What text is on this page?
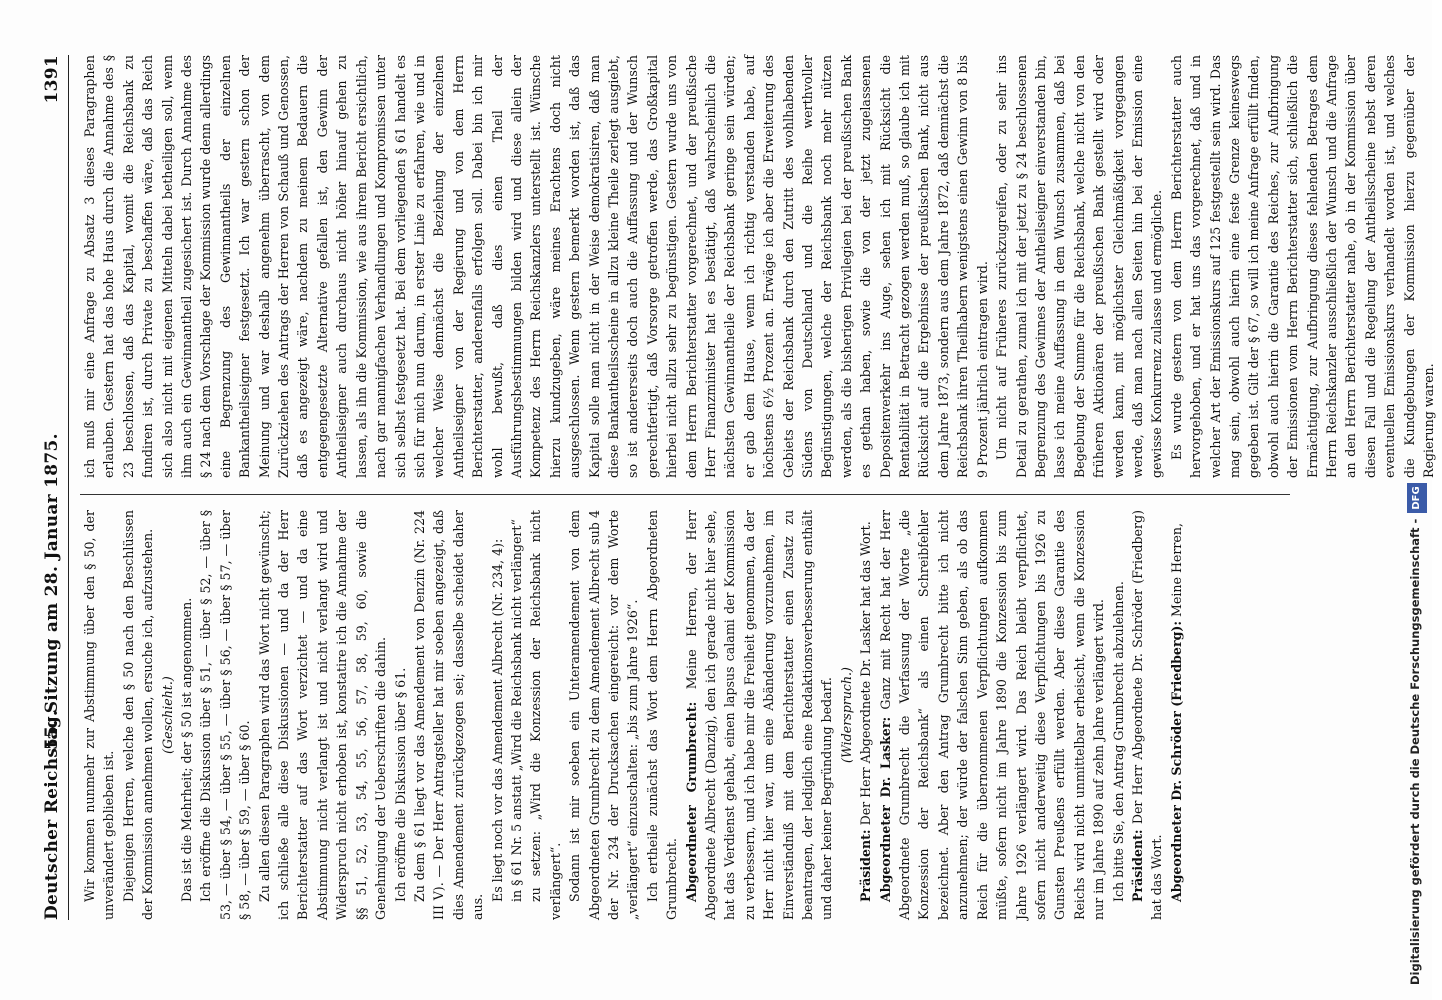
Deutscher Reichstag.
55. Sitzung am 28. Januar 1875.
1391

Wir kommen nunmehr zur Abstimmung über den § 50, der unverändert geblieben ist. Diejenigen Herren, welche den § 50 nach den Beschlüssen der Kommission annehmen wollen, ersuche ich, aufzustehen. (Geschieht.) Das ist die Mehrheit; der § 50 ist angenommen. Ich eröffne die Diskussion über § 51, — über § 52, — über § 53, — über § 54, — über § 55, — über § 56, — über § 57, — über § 58, — über § 59, — über § 60. Zu allen diesen Paragraphen wird das Wort nicht gewünscht; ich schließe alle diese Diskussionen — und da der Herr Berichterstatter auf das Wort verzichtet — und da eine Abstimmung nicht verlangt ist und nicht verlangt wird und Widerspruch nicht erhoben ist, konstatire ich die Annahme der §§ 51, 52, 53, 54, 55, 56, 57, 58, 59, 60, sowie die Genehmigung der Ueberschriften die dahin. Ich eröffne die Diskussion über § 61. Zu dem § 61 liegt vor das Amendement von Denzin (Nr. 224 III V). — Der Herr Antragsteller hat mir soeben angezeigt, daß dies Amendement zurückgezogen sei; dasselbe scheidet daher aus.

Es liegt noch vor das Amendement Albrecht (Nr. 234, 4): in § 61 Nr. 5 anstatt „Wird die Reichsbank nicht verlängert“ zu setzen: „Wird die Konzession der Reichsbank nicht verlängert“. Sodann ist mir soeben ein Unteramendement von dem Abgeordneten Grumbrecht zu dem Amendement Albrecht sub 4 der Nr. 234 der Drucksachen eingereicht: vor dem Worte „verlängert“ einzuschalten: „bis zum Jahre 1926“. Ich ertheile zunächst das Wort dem Herrn Abgeordneten Grumbrecht. Abgeordneter Grumbrecht: Meine Herren, der Herr Abgeordnete Albrecht (Danzig), den ich gerade nicht hier sehe, hat das Verdienst gehabt, einen lapsus calami der Kommission zu verbessern, und ich habe mir die Freiheit genommen, da der Herr nicht hier war, um eine Abänderung vorzunehmen, im Einverständniß mit dem Berichterstatter einen Zusatz zu beantragen, der lediglich eine Redaktionsverbesserung enthält und daher keiner Begründung bedarf. (Widerspruch.)

Präsident: Der Herr Abgeordnete Dr. Lasker hat das Wort. Abgeordneter Dr. Lasker: Ganz mit Recht hat der Herr Abgeordnete Grumbrecht die Verfassung der Worte „die Konzession der Reichsbank“ als einen Schreibfehler bezeichnet. Aber den Antrag Grumbrecht bitte ich nicht anzunehmen; der würde der falschen Sinn geben, als ob das Reich für die übernommenen Verpflichtungen aufkommen müßte, sofern nicht im Jahre 1890 die Konzession bis zum Jahre 1926 verlängert wird. Das Reich bleibt verpflichtet, sofern nicht anderweitig diese Verpflichtungen bis 1926 zu Gunsten Preußens erfüllt werden. Aber diese Garantie des Reichs wird nicht unmittelbar erheischt, wenn die Konzession nur im Jahre 1890 auf zehn Jahre verlängert wird. Ich bitte Sie, den Antrag Grumbrecht abzulehnen. Präsident: Der Herr Abgeordnete Dr. Schröder (Friedberg) hat das Wort. Abgeordneter Dr. Schröder (Friedberg): Meine Herren,

ich muß mir eine Anfrage zu Absatz 3 dieses Paragraphen erlauben. Gestern hat das hohe Haus durch die Annahme des § 23 beschlossen, daß das Kapital, womit die Reichsbank zu fundiren ist, durch Private zu beschaffen wäre, daß das Reich sich also nicht mit eigenen Mitteln dabei betheiligen soll, wenn ihm auch ein Gewinnantheil zugesichert ist. Durch Annahme des § 24 nach dem Vorschlage der Kommission wurde denn allerdings eine Begrenzung des Gewinnantheils der einzelnen Bankantheilseigner festgesetzt. Ich war gestern schon der Meinung und war deshalb angenehm überrascht, von dem Zurückziehen des Antrags der Herren von Schauß und Genossen, daß es angezeigt wäre, nachdem zu meinem Bedauern die entgegengesetzte Alternative gefallen ist, den Gewinn der Antheilseigner auch durchaus nicht höher hinauf gehen zu lassen, als ihn die Kommission, wie aus ihrem Bericht ersichtlich, nach gar mannigfachen Verhandlungen und Kompromissen unter sich selbst festgesetzt hat. Bei dem vorliegenden § 61 handelt es sich für mich nun darum, in erster Linie zu erfahren, wie und in welcher Weise demnächst die Beziehung der einzelnen Antheilseigner von der Regierung und von dem Herrn Berichterstatter, anderenfalls erfolgen soll. Dabei bin ich mir wohl bewußt, daß dies einen Theil der Ausführungsbestimmungen bilden wird und diese allein der Kompetenz des Herrn Reichskanzlers unterstellt ist. Wünsche hierzu kundzugeben, wäre meines Erachtens doch nicht ausgeschlossen. Wenn gestern bemerkt worden ist, daß das Kapital solle man nicht in der Weise demokratisiren, daß man diese Bankantheilsscheine in allzu kleine Theile zerlegt ausgiebt, so ist andererseits doch auch die Auffassung und der Wunsch gerechtfertigt, daß Vorsorge getroffen werde, das Großkapital hierbei nicht allzu sehr zu begünstigen. Gestern wurde uns von dem Herrn Berichterstatter vorgerechnet, und der preußische Herr Finanzminister hat es bestätigt, daß wahrscheinlich die nächsten Gewinnantheile der Reichsbank geringe sein würden; er gab dem Hause, wenn ich richtig verstanden habe, auf höchstens 6½ Prozent an. Erwäge ich aber die Erweiterung des Gebiets der Reichsbank durch den Zutritt des wohlhabenden Südens von Deutschland und die Reihe werthvoller Begünstigungen, welche der Reichsbank noch mehr nützen werden, als die bisherigen Privilegien bei der preußischen Bank es gethan haben, sowie die von der jetzt zugelassenen Depositenverkehr ins Auge, sehen ich mit Rücksicht die Rentabilität in Betracht gezogen werden muß, so glaube ich mit Rücksicht auf die Ergebnisse der preußischen Bank, nicht aus dem Jahre 1873, sondern aus dem Jahre 1872, daß demnächst die Reichsbank ihren Theilhabern wenigstens einen Gewinn von 8 bis 9 Prozent jährlich eintragen wird. Um nicht auf Früheres zurückzugreifen, oder zu sehr ins Detail zu gerathen, zumal ich mit der jetzt zu § 24 beschlossenen Begrenzung des Gewinnes der Antheilseigner einverstanden bin, lasse ich meine Auffassung in dem Wunsch zusammen, daß bei Begebung der Summe für die Reichsbank, welche nicht von den früheren Aktionären der preußischen Bank gestellt wird oder werden kann, mit möglichster Gleichmäßigkeit vorgegangen werde, daß man nach allen Seiten hin bei der Emission eine gewisse Konkurrenz zulasse und ermögliche. Es wurde gestern von dem Herrn Berichterstatter auch hervorgehoben, und er hat uns das vorgerechnet, daß und in welcher Art der Emissionskurs auf 125 festgestellt sein wird. Das mag sein, obwohl auch hierin eine feste Grenze keineswegs gegeben ist. Gilt der § 67, so will ich meine Anfrage erfüllt finden, obwohl auch hierin die Garantie des Reiches, zur Aufbringung der Emissionen vom Herrn Berichterstatter sich, schließlich die Ermächtigung, zur Aufbringung dieses fehlenden Betrages dem Herrn Reichskanzler ausschließlich der Wunsch und die Anfrage an den Herrn Berichterstatter nahe, ob in der Kommission über diesen Fall und die Regelung der Antheilsscheine nebst deren eventuellen Emissionskurs verhandelt worden ist, und welches die Kundgebungen der Kommission hierzu gegenüber der Regierung waren.

Digitalisierung gefördert durch die Deutsche Forschungsgemeinschaft -DFG
